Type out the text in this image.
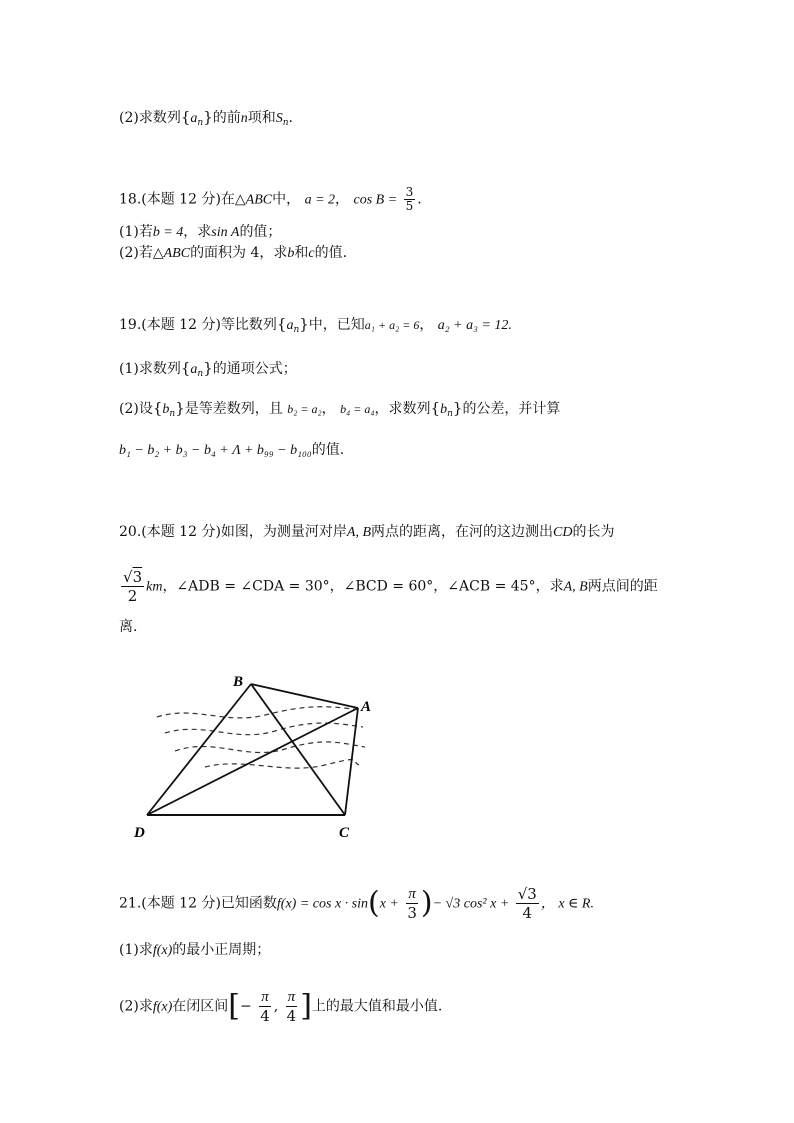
(2)求数列$\{a_n\}$的前n项和$S_n$.
18.(本题 12 分)在△ABC中， a = 2， $\cos B = \frac{3}{5}$ .
(1)若b = 4，求sin A的值；
(2)若△ABC的面积为 4，求b和c的值.
19.(本题 12 分)等比数列$\{a_n\}$中，已知a₁ + a₂ = 6， a₂ + a₃ = 12.
(1)求数列$\{a_n\}$的通项公式；
(2)设$\{b_n\}$是等差数列，且 b₂ = a₂， b₄ = a₄，求数列$\{b_n\}$的公差，并计算
b₁ − b₂ + b₃ − b₄ + Λ + b₉₉ − b₁₀₀的值.
20.(本题 12 分)如图，为测量河对岸A, B两点的距离，在河的这边测出CD的长为
$\frac{√3}{2}$ km，∠ADB = ∠CDA = 30°，∠BCD = 60°，∠ACB = 45°，求A, B两点间的距
离.
B
A
D	C
21.(本题 12 分)已知函数$f(x) = \cos x \cdot \sin(x + \frac{\pi}{3}$ )− √3 cos² $x + \frac{√3}{4}$ ， x ∈ R.
(1)求f(x)的最小正周期；
(2)求f(x)在闭区间[− $\frac{\pi}{4}$ , $\frac{\pi}{4}$ ]上的最大值和最小值.
